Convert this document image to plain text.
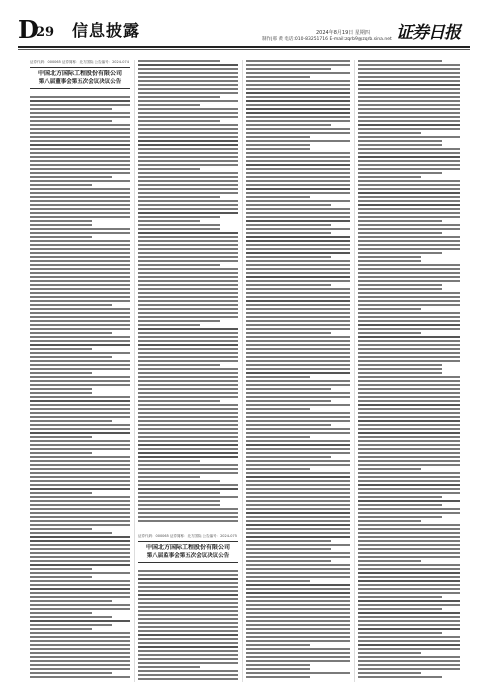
D
29 信息披露	2024年8月19日 星期四
制作|邢 黄 电话:010-83251716 E-mail:zqrb9@zqrb.sina.net 证券日报
证券代码：000065 证券简称：北方国际 公告编号：2024-074
中国北方国际工程股份有限公司
第八届董事会第五次会议决议公告
证券代码：000065 证券简称：北方国际 公告编号：2024-075
中国北方国际工程股份有限公司
第八届监事会第五次会议决议公告
